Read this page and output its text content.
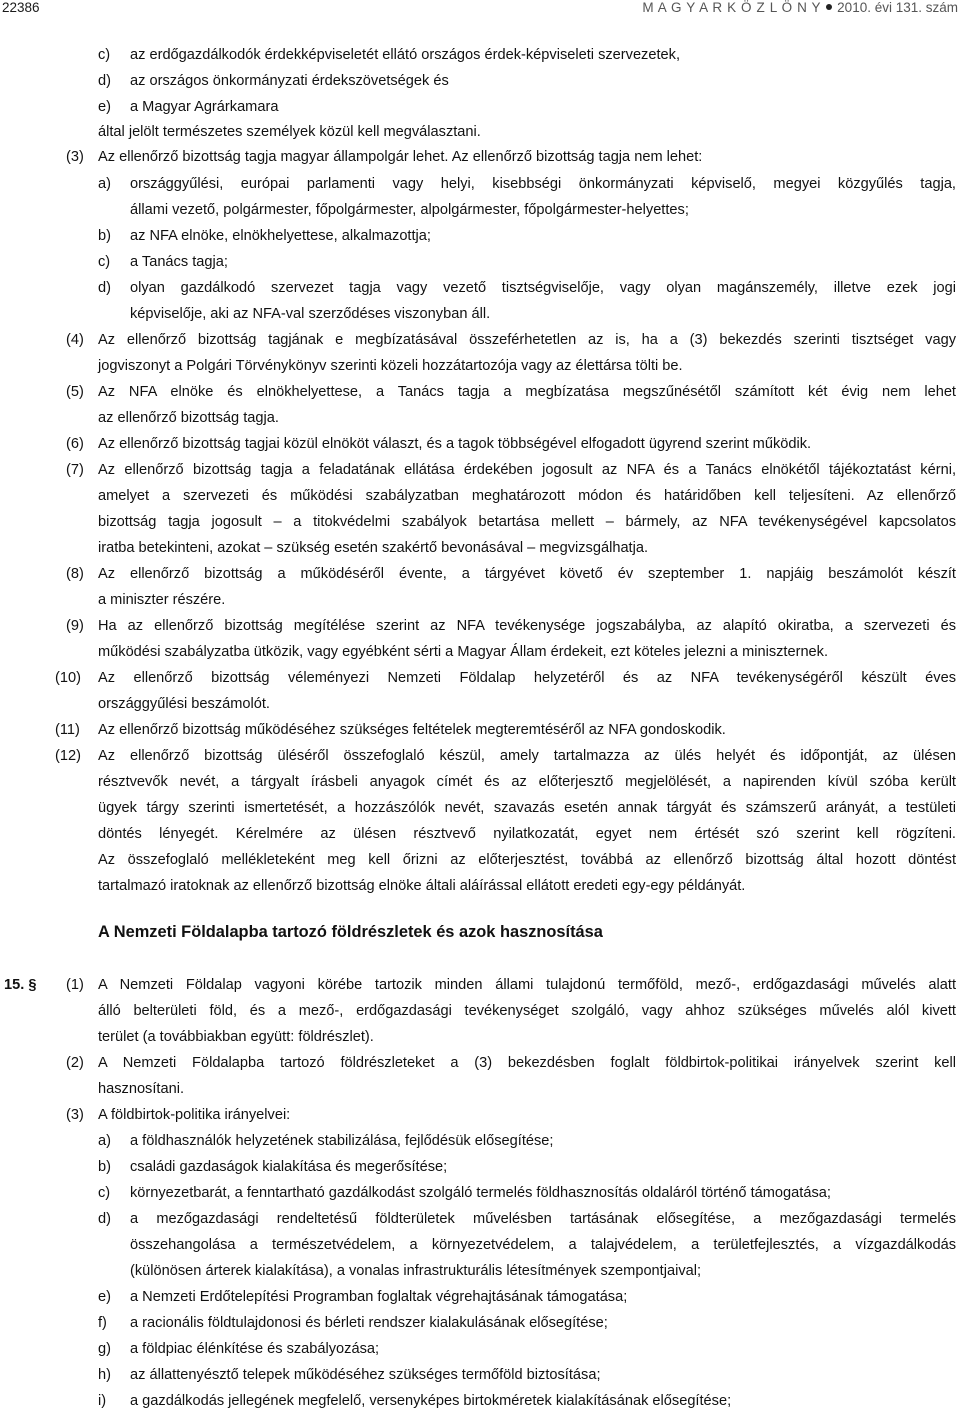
22386	M A G Y A R K Ö Z L Ö N Y 2010. évi 131. szám
c) az erdőgazdálkodók érdekképviseletét ellátó országos érdek-képviseleti szervezetek,
d) az országos önkormányzati érdekszövetségek és
e) a Magyar Agrárkamara
által jelölt természetes személyek közül kell megválasztani.
(3) Az ellenőrző bizottság tagja magyar állampolgár lehet. Az ellenőrző bizottság tagja nem lehet:
a) országgyűlési, európai parlamenti vagy helyi, kisebbségi önkormányzati képviselő, megyei közgyűlés tagja,
állami vezető, polgármester, főpolgármester, alpolgármester, főpolgármester-helyettes;
b) az NFA elnöke, elnökhelyettese, alkalmazottja;
c) a Tanács tagja;
d) olyan gazdálkodó szervezet tagja vagy vezető tisztségviselője, vagy olyan magánszemély, illetve ezek jogi
képviselője, aki az NFA-val szerződéses viszonyban áll.
(4) Az ellenőrző bizottság tagjának e megbízatásával összeférhetetlen az is, ha a (3) bekezdés szerinti tisztséget vagy
jogviszonyt a Polgári Törvénykönyv szerinti közeli hozzátartozója vagy az élettársa tölti be.
(5) Az NFA elnöke és elnökhelyettese, a Tanács tagja a megbízatása megszűnésétől számított két évig nem lehet
az ellenőrző bizottság tagja.
(6) Az ellenőrző bizottság tagjai közül elnököt választ, és a tagok többségével elfogadott ügyrend szerint működik.
(7) Az ellenőrző bizottság tagja a feladatának ellátása érdekében jogosult az NFA és a Tanács elnökétől tájékoztatást kérni,
amelyet a szervezeti és működési szabályzatban meghatározott módon és határidőben kell teljesíteni. Az ellenőrző
bizottság tagja jogosult – a titokvédelmi szabályok betartása mellett – bármely, az NFA tevékenységével kapcsolatos
iratba betekinteni, azokat – szükség esetén szakértő bevonásával – megvizsgálhatja.
(8) Az ellenőrző bizottság a működéséről évente, a tárgyévet követő év szeptember 1. napjáig beszámolót készít
a miniszter részére.
(9) Ha az ellenőrző bizottság megítélése szerint az NFA tevékenysége jogszabályba, az alapító okiratba, a szervezeti és
működési szabályzatba ütközik, vagy egyébként sérti a Magyar Állam érdekeit, ezt köteles jelezni a miniszternek.
(10) Az ellenőrző bizottság véleményezi Nemzeti Földalap helyzetéről és az NFA tevékenységéről készült éves
országgyűlési beszámolót.
(11) Az ellenőrző bizottság működéséhez szükséges feltételek megteremtéséről az NFA gondoskodik.
(12) Az ellenőrző bizottság üléséről összefoglaló készül, amely tartalmazza az ülés helyét és időpontját, az ülésen
résztvevők nevét, a tárgyalt írásbeli anyagok címét és az előterjesztő megjelölését, a napirenden kívül szóba került
ügyek tárgy szerinti ismertetését, a hozzászólók nevét, szavazás esetén annak tárgyát és számszerű arányát, a testületi
döntés lényegét. Kérelmére az ülésen résztvevő nyilatkozatát, egyet nem értését szó szerint kell rögzíteni.
Az összefoglaló mellékleteként meg kell őrizni az előterjesztést, továbbá az ellenőrző bizottság által hozott döntést
tartalmazó iratoknak az ellenőrző bizottság elnöke általi aláírással ellátott eredeti egy-egy példányát.
A Nemzeti Földalapba tartozó földrészletek és azok hasznosítása
15. § (1) A Nemzeti Földalap vagyoni körébe tartozik minden állami tulajdonú termőföld, mező-, erdőgazdasági művelés alatt
álló belterületi föld, és a mező-, erdőgazdasági tevékenységet szolgáló, vagy ahhoz szükséges művelés alól kivett
terület (a továbbiakban együtt: földrészlet).
(2) A Nemzeti Földalapba tartozó földrészleteket a (3) bekezdésben foglalt földbirtok-politikai irányelvek szerint kell
hasznosítani.
(3) A földbirtok-politika irányelvei:
a) a földhasználók helyzetének stabilizálása, fejlődésük elősegítése;
b) családi gazdaságok kialakítása és megerősítése;
c) környezetbarát, a fenntartható gazdálkodást szolgáló termelés földhasznosítás oldaláról történő támogatása;
d) a mezőgazdasági rendeltetésű földterületek művelésben tartásának elősegítése, a mezőgazdasági termelés
összehangolása a természetvédelem, a környezetvédelem, a talajvédelem, a területfejlesztés, a vízgazdálkodás
(különösen árterek kialakítása), a vonalas infrastrukturális létesítmények szempontjaival;
e) a Nemzeti Erdőtelepítési Programban foglaltak végrehajtásának támogatása;
f) a racionális földtulajdonosi és bérleti rendszer kialakulásának elősegítése;
g) a földpiac élénkítése és szabályozása;
h) az állattenyésztő telepek működéséhez szükséges termőföld biztosítása;
i) a gazdálkodás jellegének megfelelő, versenyképes birtokméretek kialakításának elősegítése;
